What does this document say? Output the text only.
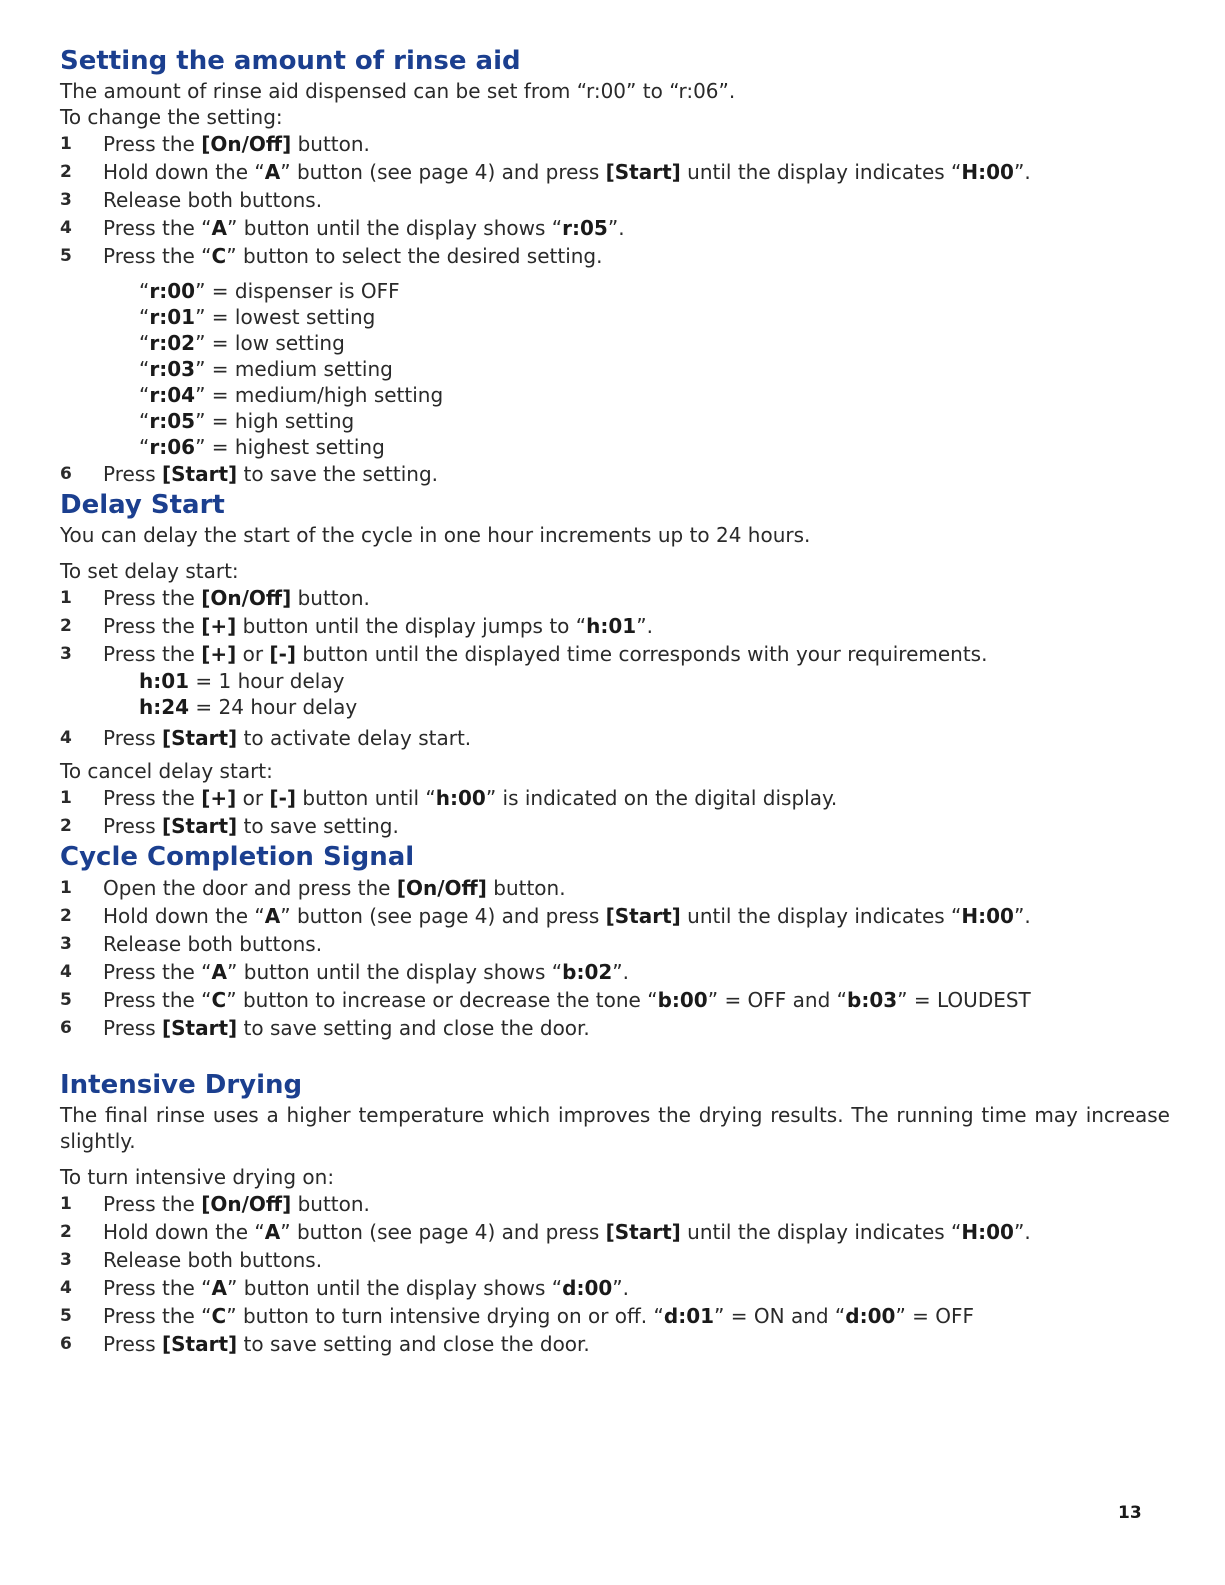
Setting the amount of rinse aid

The amount of rinse aid dispensed can be set from “r:00” to “r:06”.

To change the setting:

1	Press the [On/Off] button.
2	Hold down the “A” button (see page 4) and press [Start] until the display indicates “H:00”.
3	Release both buttons.
4	Press the “A” button until the display shows “r:05”.
5	Press the “C” button to select the desired setting.
“r:00” = dispenser is OFF
“r:01” = lowest setting
“r:02” = low setting
“r:03” = medium setting
“r:04” = medium/high setting
“r:05” = high setting
“r:06” = highest setting
6	Press [Start] to save the setting.
Delay Start

You can delay the start of the cycle in one hour increments up to 24 hours.

To set delay start:

1	Press the [On/Off] button.
2	Press the [+] button until the display jumps to “h:01”.
3	Press the [+] or [-] button until the displayed time corresponds with your requirements.
h:01 = 1 hour delay
h:24 = 24 hour delay
4	Press [Start] to activate delay start.

To cancel delay start:

1	Press the [+] or [-] button until “h:00” is indicated on the digital display.
2	Press [Start] to save setting.
Cycle Completion Signal
1	Open the door and press the [On/Off] button.
2	Hold down the “A” button (see page 4) and press [Start] until the display indicates “H:00”.
3	Release both buttons.
4	Press the “A” button until the display shows “b:02”.
5	Press the “C” button to increase or decrease the tone “b:00” = OFF and “b:03” = LOUDEST
6	Press [Start] to save setting and close the door.
Intensive Drying

The final rinse uses a higher temperature which improves the drying results. The running time may increase slightly.

To turn intensive drying on:

1	Press the [On/Off] button.
2	Hold down the “A” button (see page 4) and press [Start] until the display indicates “H:00”.
3	Release both buttons.
4	Press the “A” button until the display shows “d:00”.
5	Press the “C” button to turn intensive drying on or off. “d:01” = ON and “d:00” = OFF
6	Press [Start] to save setting and close the door.
13
